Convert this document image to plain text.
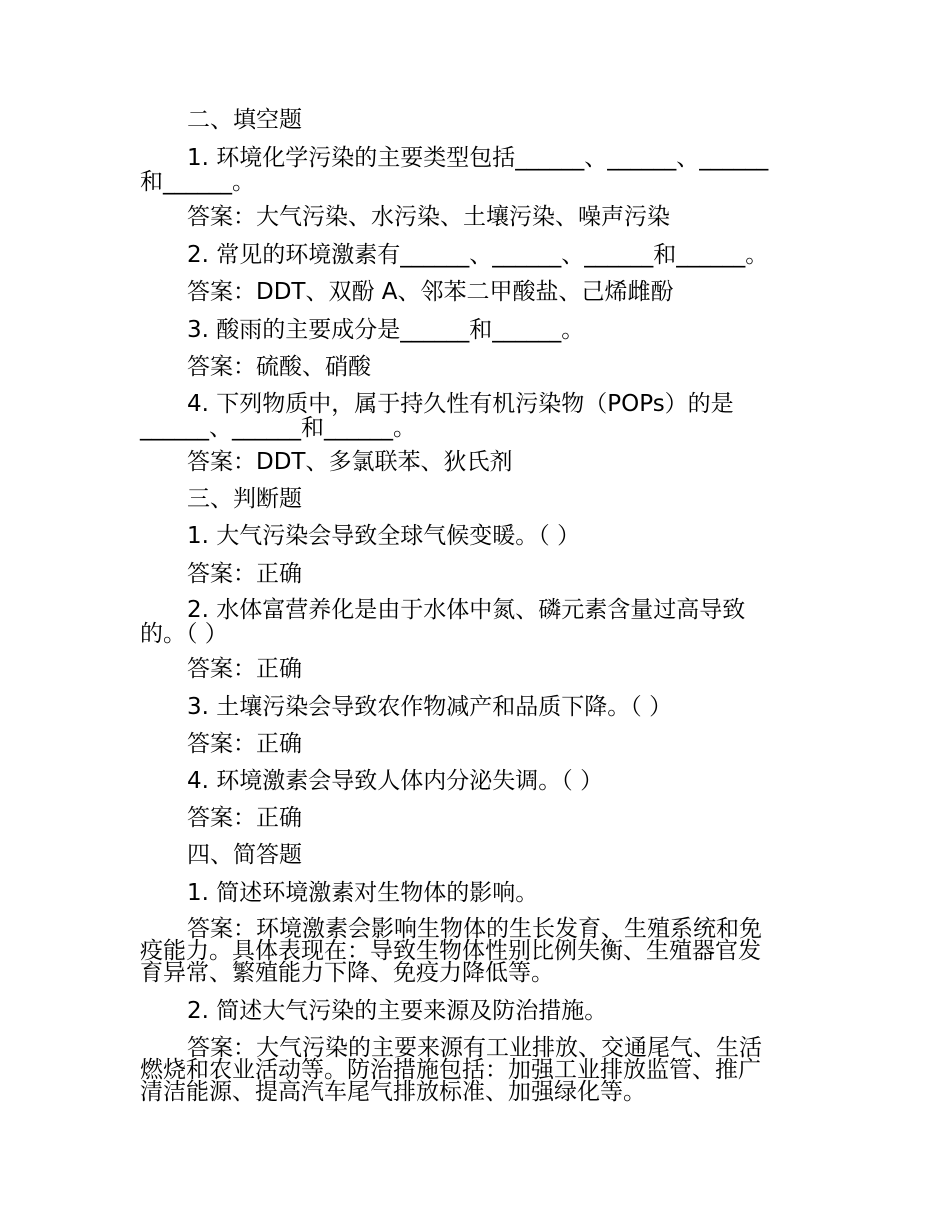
二、填空题
1. 环境化学污染的主要类型包括______、______、______
和______。
答案：大气污染、水污染、土壤污染、噪声污染
2. 常见的环境激素有______、______、______和______。
答案：DDT、双酚 A、邻苯二甲酸盐、己烯雌酚
3. 酸雨的主要成分是______和______。
答案：硫酸、硝酸
4. 下列物质中，属于持久性有机污染物（POPs）的是
______、______和______。
答案：DDT、多氯联苯、狄氏剂
三、判断题
1. 大气污染会导致全球气候变暖。（ ）
答案：正确
2. 水体富营养化是由于水体中氮、磷元素含量过高导致
的。（ ）
答案：正确
3. 土壤污染会导致农作物减产和品质下降。（ ）
答案：正确
4. 环境激素会导致人体内分泌失调。（ ）
答案：正确
四、简答题
1. 简述环境激素对生物体的影响。
答案：环境激素会影响生物体的生长发育、生殖系统和免
疫能力。具体表现在：导致生物体性别比例失衡、生殖器官发
育异常、繁殖能力下降、免疫力降低等。
2. 简述大气污染的主要来源及防治措施。
答案：大气污染的主要来源有工业排放、交通尾气、生活
燃烧和农业活动等。防治措施包括：加强工业排放监管、推广
清洁能源、提高汽车尾气排放标准、加强绿化等。
